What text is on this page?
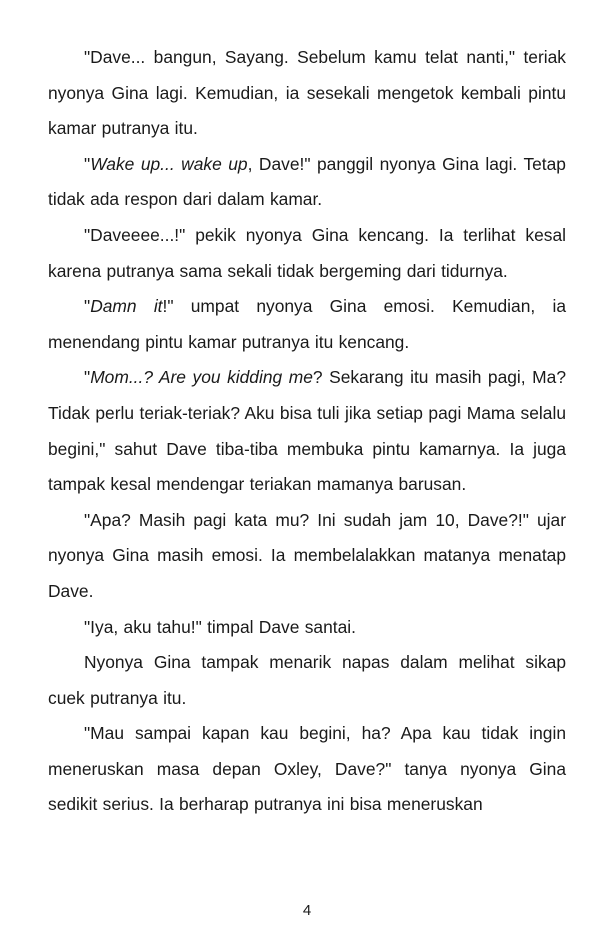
"Dave... bangun, Sayang. Sebelum kamu telat nanti," teriak nyonya Gina lagi. Kemudian, ia sesekali mengetok kembali pintu kamar putranya itu.

"Wake up... wake up, Dave!" panggil nyonya Gina lagi. Tetap tidak ada respon dari dalam kamar.

"Daveeee...!" pekik nyonya Gina kencang. Ia terlihat kesal karena putranya sama sekali tidak bergeming dari tidurnya.

"Damn it!" umpat nyonya Gina emosi. Kemudian, ia menendang pintu kamar putranya itu kencang.

"Mom...? Are you kidding me? Sekarang itu masih pagi, Ma? Tidak perlu teriak-teriak? Aku bisa tuli jika setiap pagi Mama selalu begini," sahut Dave tiba-tiba membuka pintu kamarnya. Ia juga tampak kesal mendengar teriakan mamanya barusan.

"Apa? Masih pagi kata mu? Ini sudah jam 10, Dave?!" ujar nyonya Gina masih emosi. Ia membelalakkan matanya menatap Dave.

"Iya, aku tahu!" timpal Dave santai.

Nyonya Gina tampak menarik napas dalam melihat sikap cuek putranya itu.

"Mau sampai kapan kau begini, ha? Apa kau tidak ingin meneruskan masa depan Oxley, Dave?" tanya nyonya Gina sedikit serius. Ia berharap putranya ini bisa meneruskan

4
